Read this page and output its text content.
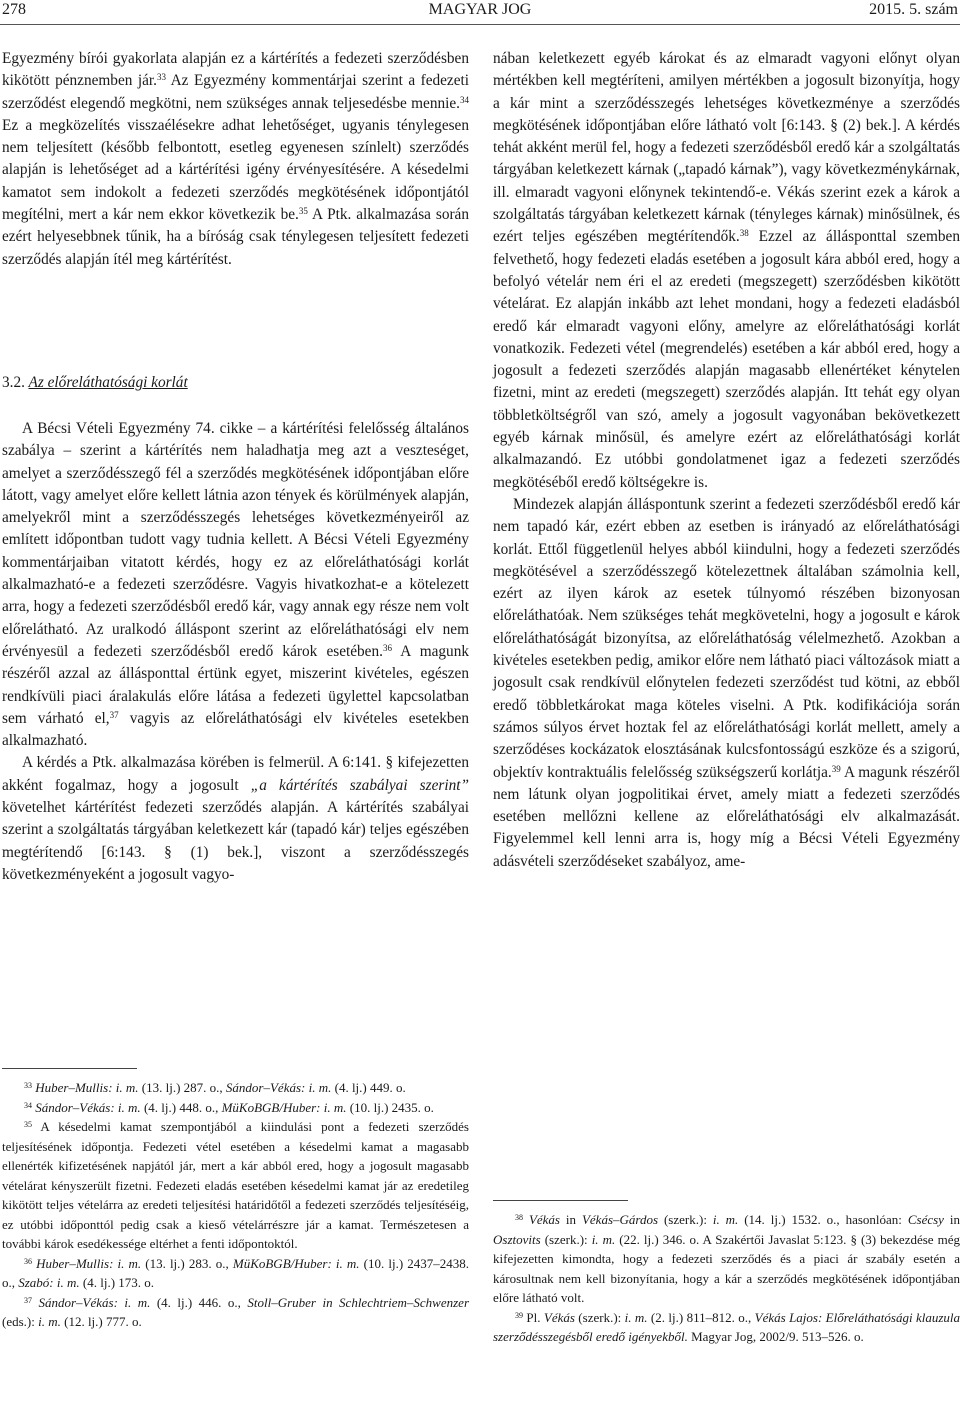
278	MAGYAR JOG	2015. 5. szám

Egyezmény bírói gyakorlata alapján ez a kártérítés a fedezeti szerződésben kikötött pénznemben jár.$^{33}$ Az Egyezmény kommentárjai szerint a fedezeti szerződést elegendő megkötni, nem szükséges annak teljesedésbe mennie.$^{34}$ Ez a megközelítés visszaélésekre adhat lehetőséget, ugyanis ténylegesen nem teljesített (később felbontott, esetleg egyenesen színlelt) szerződés alapján is lehetőséget ad a kártérítési igény érvényesítésére. A késedelmi kamatot sem indokolt a fedezeti szerződés megkötésének időpontjától megítélni, mert a kár nem ekkor következik be.$^{35}$ A Ptk. alkalmazása során ezért helyesebbnek tűnik, ha a bíróság csak ténylegesen teljesített fedezeti szerződés alapján ítél meg kártérítést.

3.2. Az előreláthatósági korlát

A Bécsi Vételi Egyezmény 74. cikke – a kártérítési felelősség általános szabálya – szerint a kártérítés nem haladhatja meg azt a veszteséget, amelyet a szerződésszegő fél a szerződés megkötésének időpontjában előre látott, vagy amelyet előre kellett látnia azon tények és körülmények alapján, amelyekről mint a szerződésszegés lehetséges következményeiről az említett időpontban tudott vagy tudnia kellett. A Bécsi Vételi Egyezmény kommentárjaiban vitatott kérdés, hogy ez az előreláthatósági korlát alkalmazható-e a fedezeti szerződésre. Vagyis hivatkozhat-e a kötelezett arra, hogy a fedezeti szerződésből eredő kár, vagy annak egy része nem volt előrelátható. Az uralkodó álláspont szerint az előreláthatósági elv nem érvényesül a fedezeti szerződésből eredő károk esetében.$^{36}$ A magunk részéről azzal az állásponttal értünk egyet, miszerint kivételes, egészen rendkívüli piaci áralakulás előre látása a fedezeti ügylettel kapcsolatban sem várható el,$^{37}$ vagyis az előreláthatósági elv kivételes esetekben alkalmazható.

A kérdés a Ptk. alkalmazása körében is felmerül. A 6:141. § kifejezetten akként fogalmaz, hogy a jogosult „a kártérítés szabályai szerint” követelhet kártérítést fedezeti szerződés alapján. A kártérítés szabályai szerint a szolgáltatás tárgyában keletkezett kár (tapadó kár) teljes egészében megtérítendő [6:143. § (1) bek.], viszont a szerződésszegés következményeként a jogosult vagyo-

$^{33}$ Huber–Mullis: i. m. (13. lj.) 287. o., Sándor–Vékás: i. m. (4. lj.) 449. o.

$^{34}$ Sándor–Vékás: i. m. (4. lj.) 448. o., MüKoBGB/Huber: i. m. (10. lj.) 2435. o.

$^{35}$ A késedelmi kamat szempontjából a kiindulási pont a fedezeti szerződés teljesítésének időpontja. Fedezeti vétel esetében a késedelmi kamat a magasabb ellenérték kifizetésének napjától jár, mert a kár abból ered, hogy a jogosult magasabb vételárat kényszerült fizetni. Fedezeti eladás esetében késedelmi kamat jár az eredetileg kikötött teljes vételárra az eredeti teljesítési határidőtől a fedezeti szerződés teljesítéséig, ez utóbbi időponttól pedig csak a kieső vételárrészre jár a kamat. Természetesen a további károk esedékessége eltérhet a fenti időpontoktól.

$^{36}$ Huber–Mullis: i. m. (13. lj.) 283. o., MüKoBGB/Huber: i. m. (10. lj.) 2437–2438. o., Szabó: i. m. (4. lj.) 173. o.

$^{37}$ Sándor–Vékás: i. m. (4. lj.) 446. o., Stoll–Gruber in Schlechtriem–Schwenzer (eds.): i. m. (12. lj.) 777. o.

nában keletkezett egyéb károkat és az elmaradt vagyoni előnyt olyan mértékben kell megtéríteni, amilyen mértékben a jogosult bizonyítja, hogy a kár mint a szerződésszegés lehetséges következménye a szerződés megkötésének időpontjában előre látható volt [6:143. § (2) bek.]. A kérdés tehát akként merül fel, hogy a fedezeti szerződésből eredő kár a szolgáltatás tárgyában keletkezett kárnak („tapadó kárnak”), vagy következménykárnak, ill. elmaradt vagyoni előnynek tekintendő-e. Vékás szerint ezek a károk a szolgáltatás tárgyában keletkezett kárnak (tényleges kárnak) minősülnek, és ezért teljes egészében megtérítendők.$^{38}$ Ezzel az állásponttal szemben felvethető, hogy fedezeti eladás esetében a jogosult kára abból ered, hogy a befolyó vételár nem éri el az eredeti (megszegett) szerződésben kikötött vételárat. Ez alapján inkább azt lehet mondani, hogy a fedezeti eladásból eredő kár elmaradt vagyoni előny, amelyre az előreláthatósági korlát vonatkozik. Fedezeti vétel (megrendelés) esetében a kár abból ered, hogy a jogosult a fedezeti szerződés alapján magasabb ellenértéket kénytelen fizetni, mint az eredeti (megszegett) szerződés alapján. Itt tehát egy olyan többletköltségről van szó, amely a jogosult vagyonában bekövetkezett egyéb kárnak minősül, és amelyre ezért az előreláthatósági korlát alkalmazandó. Ez utóbbi gondolatmenet igaz a fedezeti szerződés megkötéséből eredő költségekre is.

Mindezek alapján álláspontunk szerint a fedezeti szerződésből eredő kár nem tapadó kár, ezért ebben az esetben is irányadó az előreláthatósági korlát. Ettől függetlenül helyes abból kiindulni, hogy a fedezeti szerződés megkötésével a szerződésszegő kötelezettnek általában számolnia kell, ezért az ilyen károk az esetek túlnyomó részében bizonyosan előreláthatóak. Nem szükséges tehát megkövetelni, hogy a jogosult e károk előreláthatóságát bizonyítsa, az előreláthatóság vélelmezhető. Azokban a kivételes esetekben pedig, amikor előre nem látható piaci változások miatt a jogosult csak rendkívül előnytelen fedezeti szerződést tud kötni, az ebből eredő többletkárokat maga köteles viselni. A Ptk. kodifikációja során számos súlyos érvet hoztak fel az előreláthatósági korlát mellett, amely a szerződéses kockázatok elosztásának kulcsfontosságú eszköze és a szigorú, objektív kontraktuális felelősség szükségszerű korlátja.$^{39}$ A magunk részéről nem látunk olyan jogpolitikai érvet, amely miatt a fedezeti szerződés esetében mellőzni kellene az előreláthatósági elv alkalmazását. Figyelemmel kell lenni arra is, hogy míg a Bécsi Vételi Egyezmény adásvételi szerződéseket szabályoz, ame-

$^{38}$ Vékás in Vékás–Gárdos (szerk.): i. m. (14. lj.) 1532. o., hasonlóan: Csécsy in Osztovits (szerk.): i. m. (22. lj.) 346. o. A Szakértői Javaslat 5:123. § (3) bekezdése még kifejezetten kimondta, hogy a fedezeti szerződés és a piaci ár szabály esetén a károsultnak nem kell bizonyítania, hogy a kár a szerződés megkötésének időpontjában előre látható volt.

$^{39}$ Pl. Vékás (szerk.): i. m. (2. lj.) 811–812. o., Vékás Lajos: Előreláthatósági klauzula szerződésszegésből eredő igényekből. Magyar Jog, 2002/9. 513–526. o.
